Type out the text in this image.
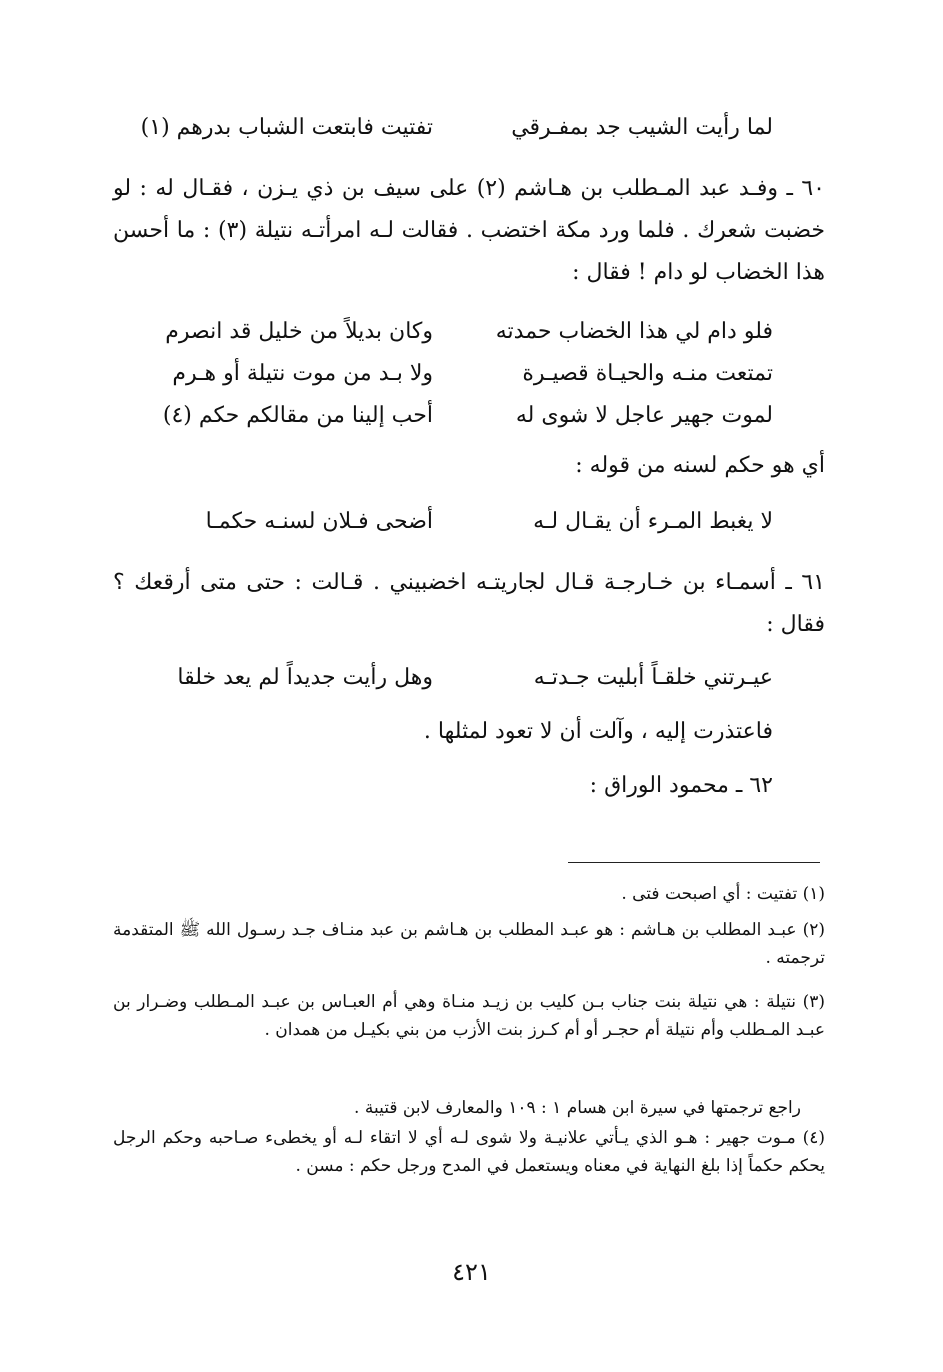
لما رأيت الشيب جد بمفـرقي
تفتيت فابتعت الشباب بدرهم (١)
٦٠ ـ وفـد عبد المـطلب بن هـاشم (٢) على سيف بن ذي يـزن ، فقـال له : لو خضبت شعرك . فلما ورد مكة اختضب . فقالت لـه امرأتـه نتيلة (٣) : ما أحسن هذا الخضاب لو دام ! فقال :
فلو دام لي هذا الخضاب حمدته
وكان بديلاً من خليل قد انصرم
تمتعت منـه والحيـاة قصيـرة
ولا بـد من موت نتيلة أو هـرم
لموت جهير عاجل لا شوى له
أحب إلينا من مقالكم حكم (٤)
أي هو حكم لسنه من قوله :
لا يغبط المـرء أن يقـال لـه
أضحى فـلان لسنـه حكمـا
٦١ ـ أسمـاء بن خـارجـة قـال لجاريتـه اخضبيني . قـالت : حتى متى أرقعك ؟ فقال :
عيـرتني خلقـاً أبليت جـدتـه
وهل رأيت جديداً لم يعد خلقا
فاعتذرت إليه ، وآلت أن لا تعود لمثلها .
٦٢ ـ محمود الوراق :
(١) تفتيت : أي اصبحت فتى .
(٢) عبـد المطلب بن هـاشم : هو عبـد المطلب بن هـاشم بن عبد منـاف جـد رسـول الله ﷺ المتقدمة ترجمته .
(٣) نتيلة : هي نتيلة بنت جناب بـن كليب بن زيـد منـاة وهي أم العبـاس بن عبـد المـطلب وضـرار بن عبـد المـطلب وأم نتيلة أم حجـر أو أم كـرز بنت الأزب من بني بكيـل من همدان .
راجع ترجمتها في سيرة ابن هسام ١ : ١٠٩ والمعارف لابن قتيبة .
(٤) مـوت جهير : هـو الذي يـأتي علانيـة ولا شوى لـه أي لا اتقاء لـه أو يخطىء صـاحبه وحكم الرجل يحكم حكماً إذا بلغ النهاية في معناه ويستعمل في المدح ورجل حكم : مسن .
٤٢١
